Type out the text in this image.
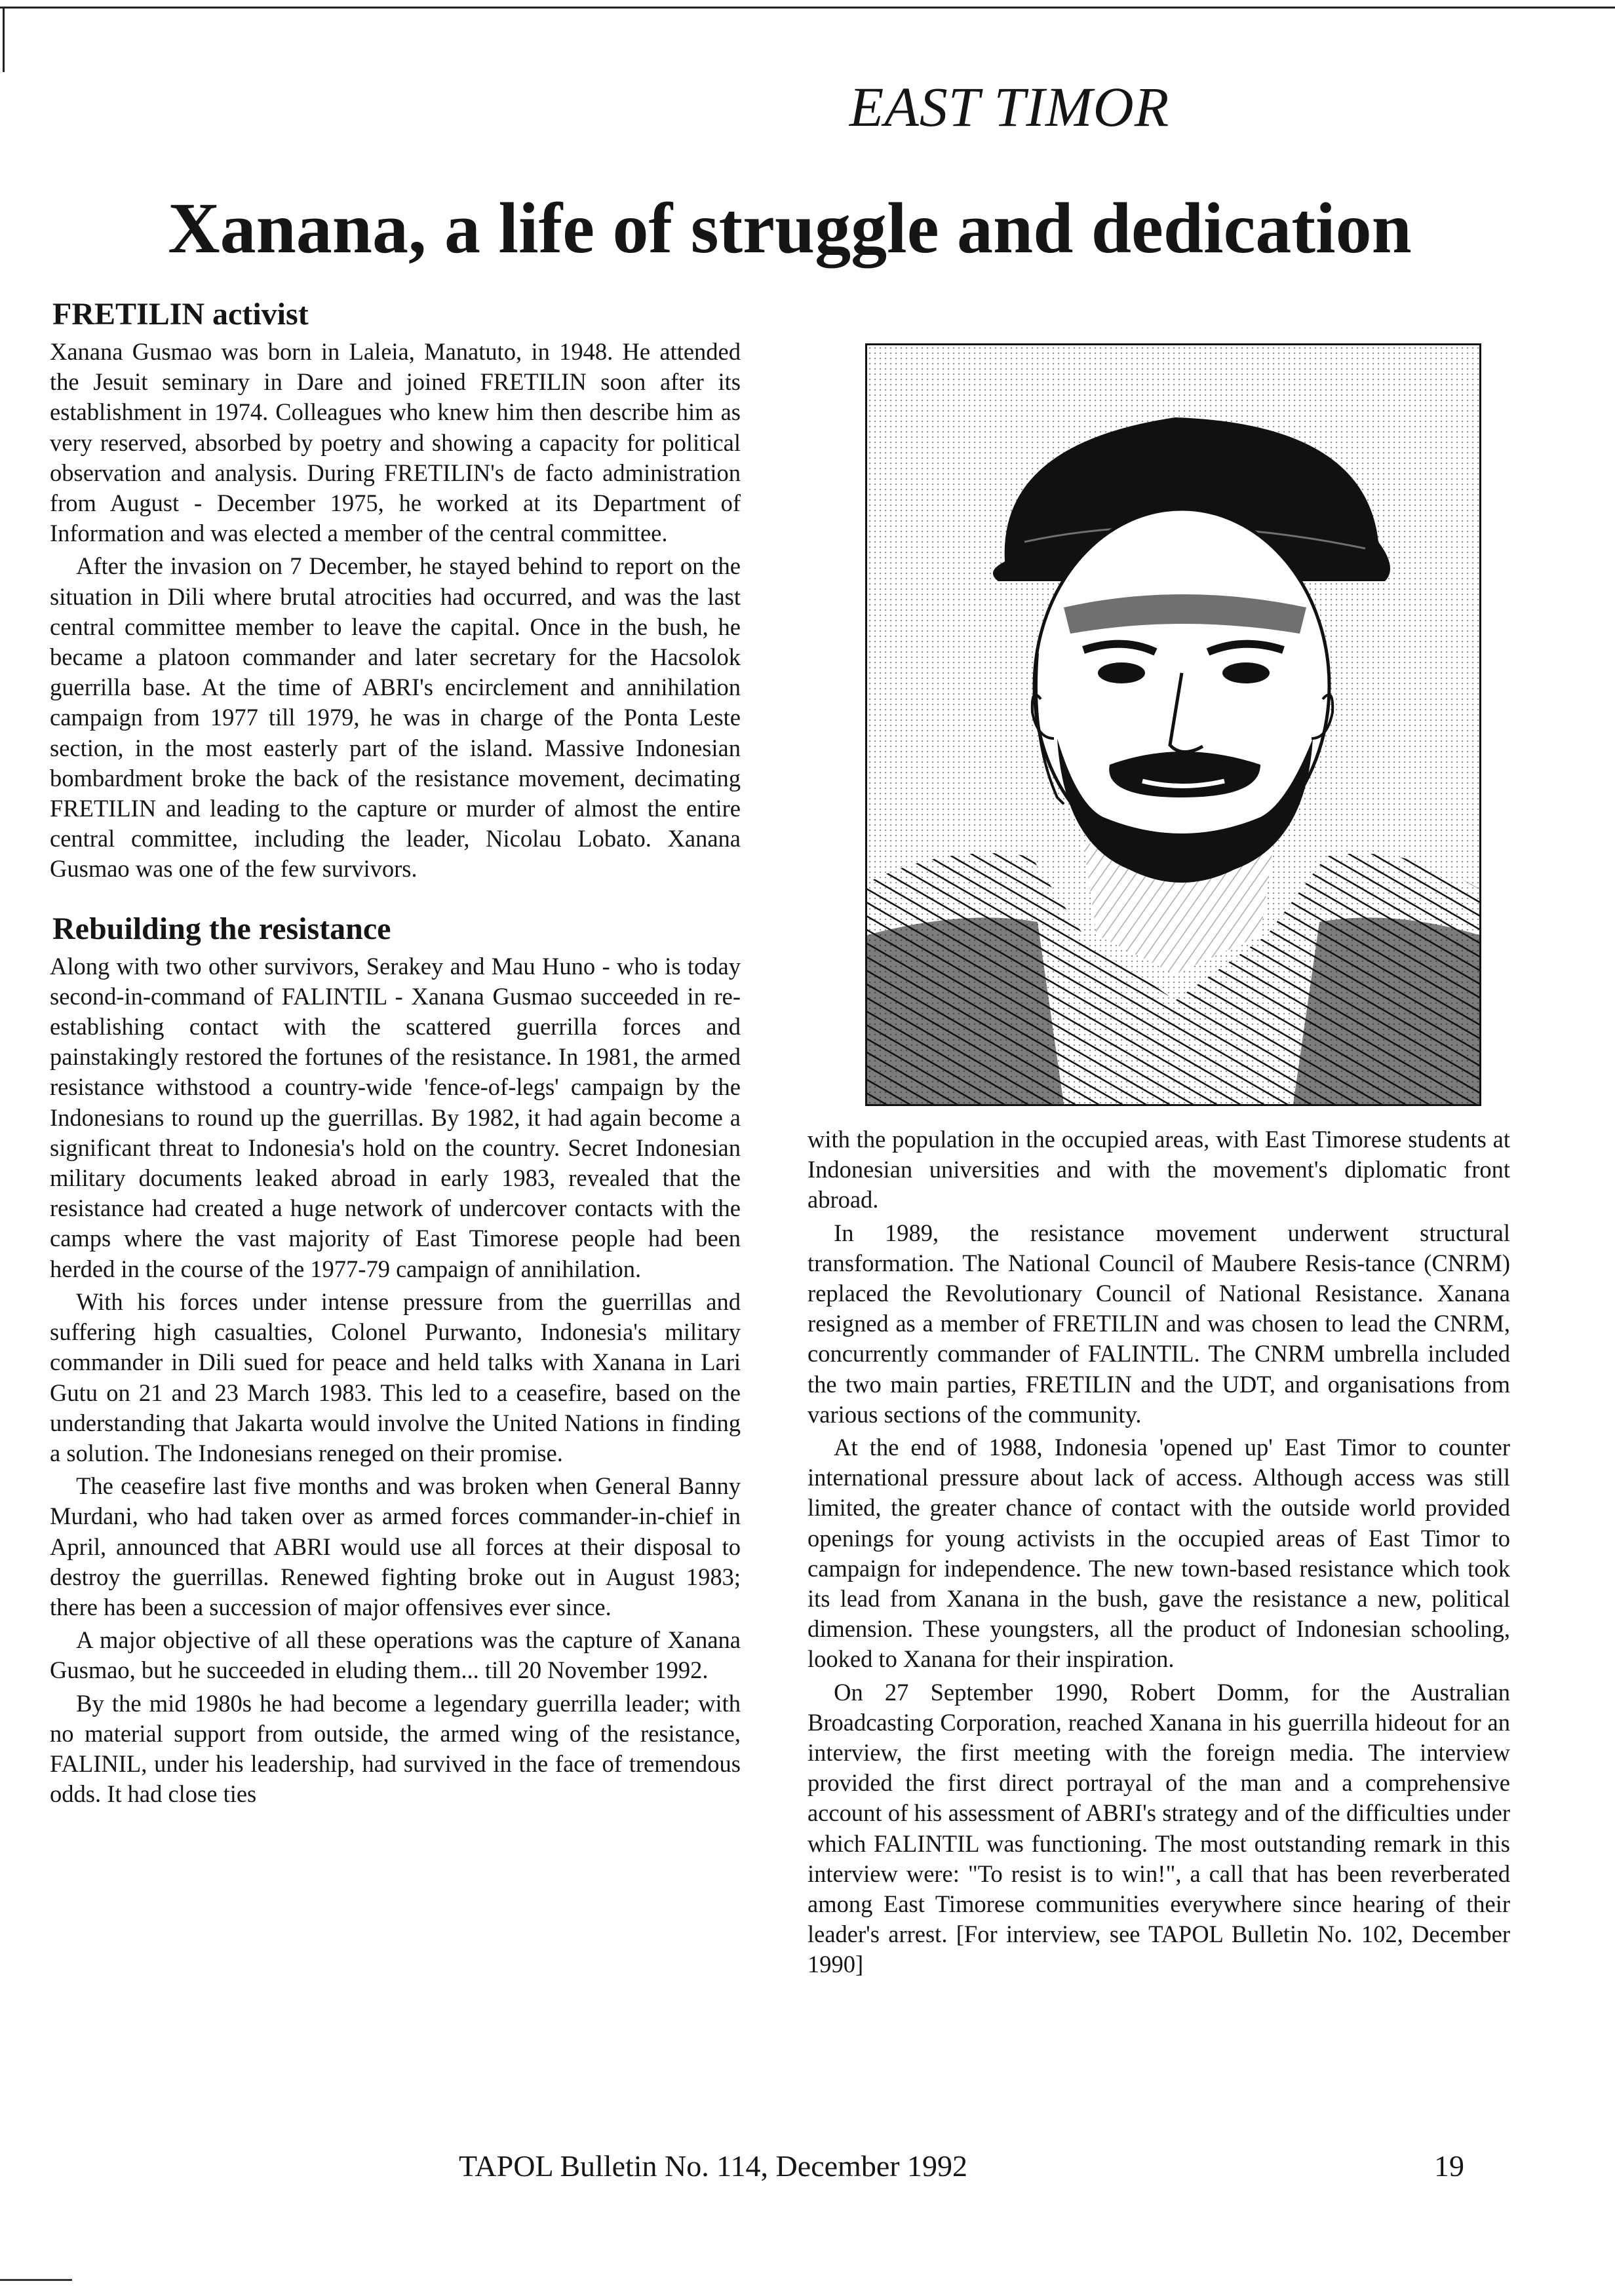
EAST TIMOR
Xanana, a life of struggle and dedication
FRETILIN activist

Xanana Gusmao was born in Laleia, Manatuto, in 1948. He attended the Jesuit seminary in Dare and joined FRETILIN soon after its establishment in 1974. Colleagues who knew him then describe him as very reserved, absorbed by poetry and showing a capacity for political observation and analysis. During FRETILIN's de facto administration from August - December 1975, he worked at its Department of Information and was elected a member of the central committee.

After the invasion on 7 December, he stayed behind to report on the situation in Dili where brutal atrocities had occurred, and was the last central committee member to leave the capital. Once in the bush, he became a platoon commander and later secretary for the Hacsolok guerrilla base. At the time of ABRI's encirclement and annihilation campaign from 1977 till 1979, he was in charge of the Ponta Leste section, in the most easterly part of the island. Massive Indonesian bombardment broke the back of the resistance movement, decimating FRETILIN and leading to the capture or murder of almost the entire central committee, including the leader, Nicolau Lobato. Xanana Gusmao was one of the few survivors.

Rebuilding the resistance

Along with two other survivors, Serakey and Mau Huno - who is today second-in-command of FALINTIL - Xanana Gusmao succeeded in re-establishing contact with the scattered guerrilla forces and painstakingly restored the fortunes of the resistance. In 1981, the armed resistance withstood a country-wide 'fence-of-legs' campaign by the Indonesians to round up the guerrillas. By 1982, it had again become a significant threat to Indonesia's hold on the country. Secret Indonesian military documents leaked abroad in early 1983, revealed that the resistance had created a huge network of undercover contacts with the camps where the vast majority of East Timorese people had been herded in the course of the 1977-79 campaign of annihilation.

With his forces under intense pressure from the guerrillas and suffering high casualties, Colonel Purwanto, Indonesia's military commander in Dili sued for peace and held talks with Xanana in Lari Gutu on 21 and 23 March 1983. This led to a ceasefire, based on the understanding that Jakarta would involve the United Nations in finding a solution. The Indonesians reneged on their promise.

The ceasefire last five months and was broken when General Banny Murdani, who had taken over as armed forces commander-in-chief in April, announced that ABRI would use all forces at their disposal to destroy the guerrillas. Renewed fighting broke out in August 1983; there has been a succession of major offensives ever since.

A major objective of all these operations was the capture of Xanana Gusmao, but he succeeded in eluding them... till 20 November 1992.

By the mid 1980s he had become a legendary guerrilla leader; with no material support from outside, the armed wing of the resistance, FALINIL, under his leadership, had survived in the face of tremendous odds. It had close ties

with the population in the occupied areas, with East Timorese students at Indonesian universities and with the movement's diplomatic front abroad.

In 1989, the resistance movement underwent structural transformation. The National Council of Maubere Resis-tance (CNRM) replaced the Revolutionary Council of National Resistance. Xanana resigned as a member of FRETILIN and was chosen to lead the CNRM, concurrently commander of FALINTIL. The CNRM umbrella included the two main parties, FRETILIN and the UDT, and organisations from various sections of the community.

At the end of 1988, Indonesia 'opened up' East Timor to counter international pressure about lack of access. Although access was still limited, the greater chance of contact with the outside world provided openings for young activists in the occupied areas of East Timor to campaign for independence. The new town-based resistance which took its lead from Xanana in the bush, gave the resistance a new, political dimension. These youngsters, all the product of Indonesian schooling, looked to Xanana for their inspiration.

On 27 September 1990, Robert Domm, for the Australian Broadcasting Corporation, reached Xanana in his guerrilla hideout for an interview, the first meeting with the foreign media. The interview provided the first direct portrayal of the man and a comprehensive account of his assessment of ABRI's strategy and of the difficulties under which FALINTIL was functioning. The most outstanding remark in this interview were: "To resist is to win!", a call that has been reverberated among East Timorese communities everywhere since hearing of their leader's arrest. [For interview, see TAPOL Bulletin No. 102, December 1990]

TAPOL Bulletin No. 114, December 1992	19
